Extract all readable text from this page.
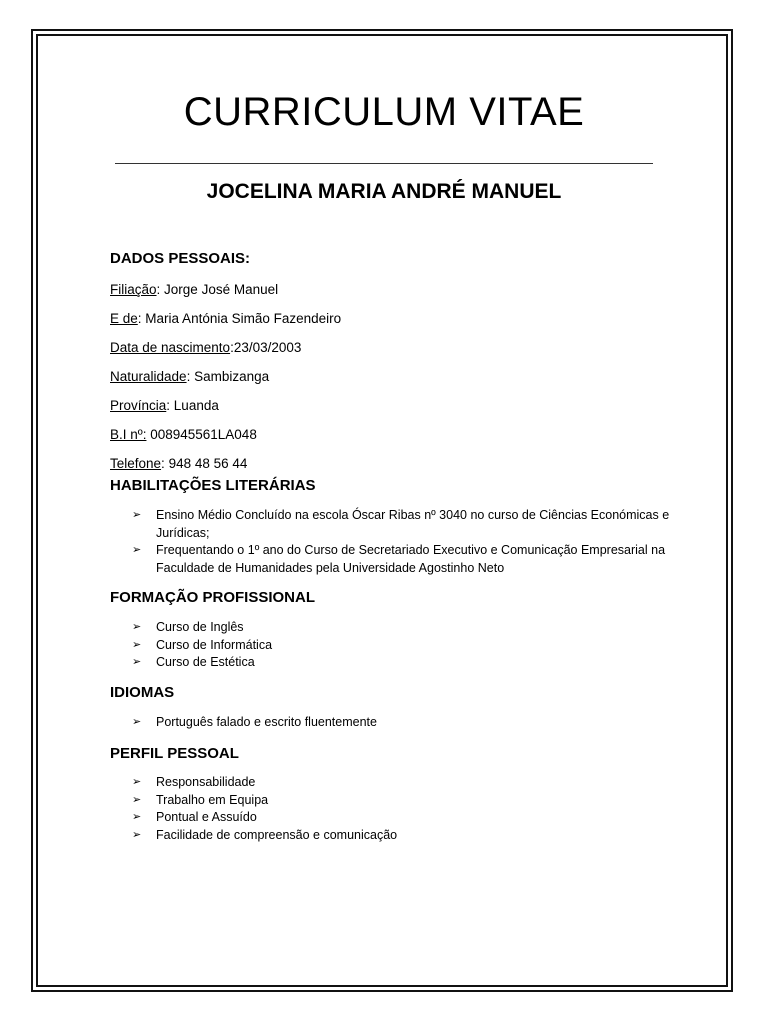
CURRICULUM VITAE
JOCELINA MARIA ANDRÉ MANUEL

DADOS PESSOAIS:

Filiação: Jorge José Manuel

E de: Maria Antónia Simão Fazendeiro

Data de nascimento:23/03/2003

Naturalidade: Sambizanga

Província: Luanda

B.I nº: 008945561LA048

Telefone: 948 48 56 44

HABILITAÇÕES LITERÁRIAS

➢ Ensino Médio Concluído na escola Óscar Ribas nº 3040 no curso de Ciências Económicas e Jurídicas;
➢ Frequentando o 1º ano do Curso de Secretariado Executivo e Comunicação Empresarial na Faculdade de Humanidades pela Universidade Agostinho Neto

FORMAÇÃO PROFISSIONAL

➢ Curso de Inglês
➢ Curso de Informática
➢ Curso de Estética

IDIOMAS

➢ Português falado e escrito fluentemente

PERFIL PESSOAL

➢ Responsabilidade
➢ Trabalho em Equipa
➢ Pontual e Assuído
➢ Facilidade de compreensão e comunicação
